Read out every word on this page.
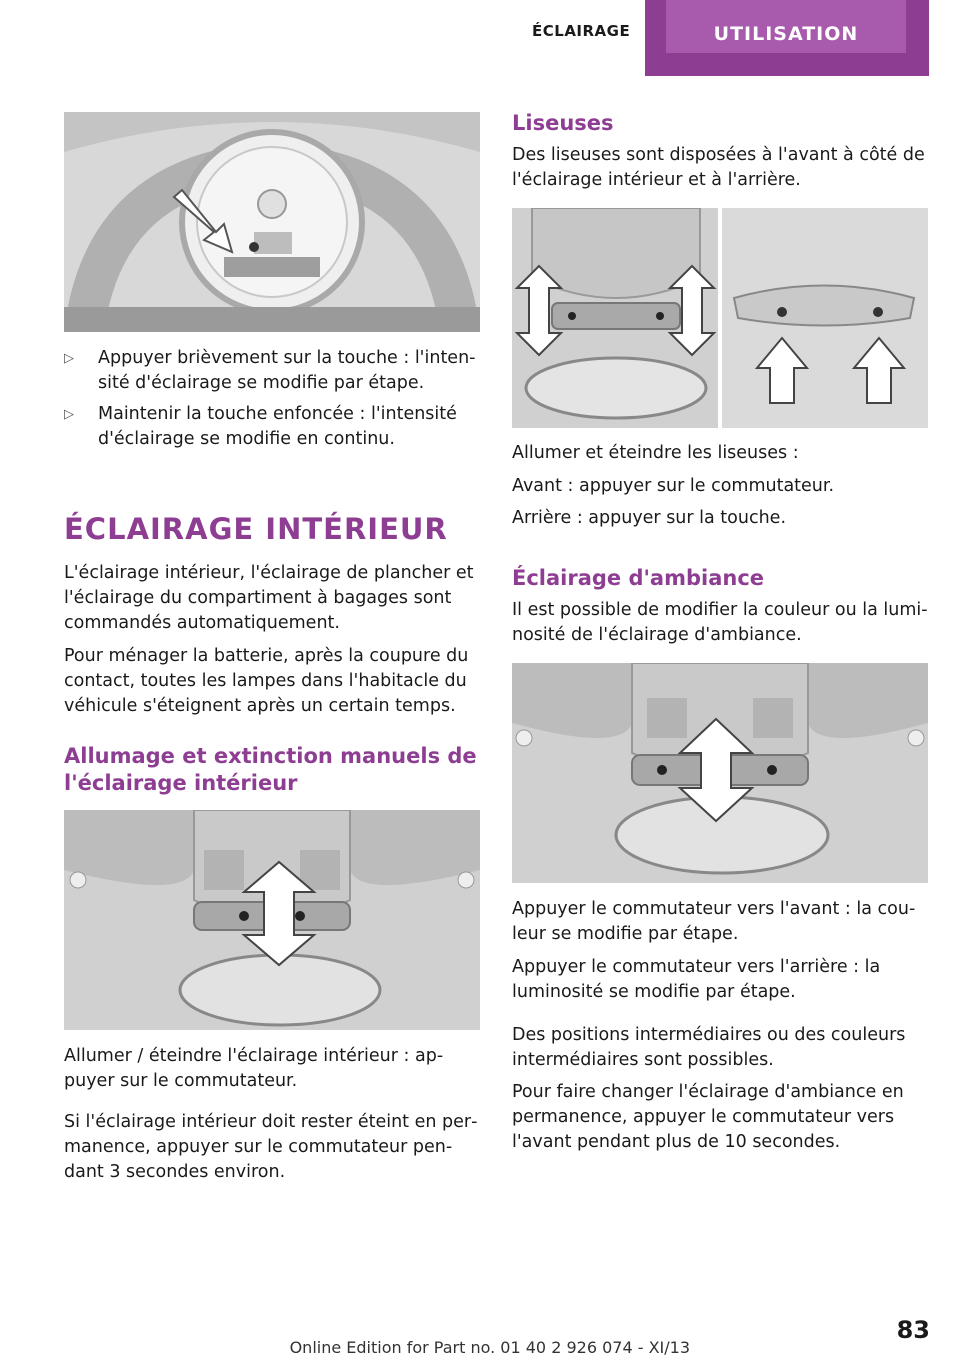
ÉCLAIRAGE	UTILISATION
▷ Appuyer brièvement sur la touche : l'intensité d'éclairage se modifie par étape.
▷ Maintenir la touche enfoncée : l'intensité d'éclairage se modifie en continu.
ÉCLAIRAGE INTÉRIEUR
L'éclairage intérieur, l'éclairage de plancher et l'éclairage du compartiment à bagages sont commandés automatiquement.
Pour ménager la batterie, après la coupure du contact, toutes les lampes dans l'habitacle du véhicule s'éteignent après un certain temps.
Allumage et extinction manuels de l'éclairage intérieur
Allumer / éteindre l'éclairage intérieur : appuyer sur le commutateur.
Si l'éclairage intérieur doit rester éteint en permanence, appuyer sur le commutateur pendant 3 secondes environ.
Liseuses
Des liseuses sont disposées à l'avant à côté de l'éclairage intérieur et à l'arrière.
Allumer et éteindre les liseuses :
Avant : appuyer sur le commutateur.
Arrière : appuyer sur la touche.
Éclairage d'ambiance
Il est possible de modifier la couleur ou la luminosité de l'éclairage d'ambiance.
Appuyer le commutateur vers l'avant : la couleur se modifie par étape.
Appuyer le commutateur vers l'arrière : la luminosité se modifie par étape.
Des positions intermédiaires ou des couleurs intermédiaires sont possibles.
Pour faire changer l'éclairage d'ambiance en permanence, appuyer le commutateur vers l'avant pendant plus de 10 secondes.
Online Edition for Part no. 01 40 2 926 074 - XI/13
83
